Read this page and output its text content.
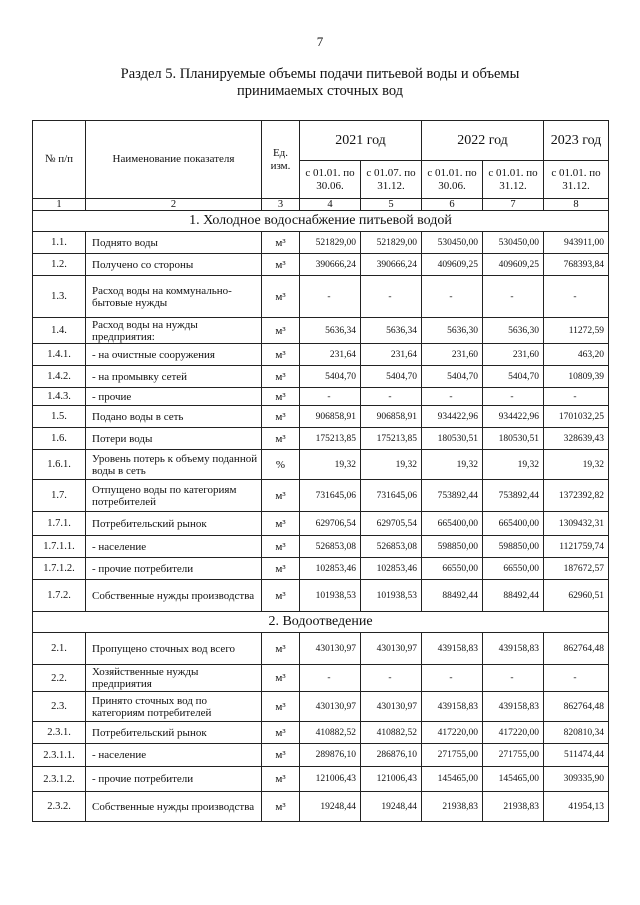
7
Раздел 5. Планируемые объемы подачи питьевой воды и объемы
принимаемых сточных вод
№ п/п	Наименование показателя	Ед. изм.	2021 год		2022 год		2023 год
			с 01.01. по 30.06.	с 01.07. по 31.12.	с 01.01. по 30.06.	с 01.01. по 31.12.	с 01.01. по 31.12.
1	2	3	4	5	6	7	8
1. Холодное водоснабжение питьевой водой							
1.1.	Поднято воды	м³	521829,00	521829,00	530450,00	530450,00	943911,00
1.2.	Получено со стороны	м³	390666,24	390666,24	409609,25	409609,25	768393,84
1.3.	Расход воды на коммунально-бытовые нужды	м³	-	-	-	-	-
1.4.	Расход воды на нужды предприятия:	м³	5636,34	5636,34	5636,30	5636,30	11272,59
1.4.1.	- на очистные сооружения	м³	231,64	231,64	231,60	231,60	463,20
1.4.2.	- на промывку сетей	м³	5404,70	5404,70	5404,70	5404,70	10809,39
1.4.3.	- прочие	м³	-	-	-	-	-
1.5.	Подано воды в сеть	м³	906858,91	906858,91	934422,96	934422,96	1701032,25
1.6.	Потери воды	м³	175213,85	175213,85	180530,51	180530,51	328639,43
1.6.1.	Уровень потерь к объему поданной воды в сеть	%	19,32	19,32	19,32	19,32	19,32
1.7.	Отпущено воды по категориям потребителей	м³	731645,06	731645,06	753892,44	753892,44	1372392,82
1.7.1.	Потребительский рынок	м³	629706,54	629705,54	665400,00	665400,00	1309432,31
1.7.1.1.	- население	м³	526853,08	526853,08	598850,00	598850,00	1121759,74
1.7.1.2.	- прочие потребители	м³	102853,46	102853,46	66550,00	66550,00	187672,57
1.7.2.	Собственные нужды производства	м³	101938,53	101938,53	88492,44	88492,44	62960,51
2. Водоотведение							
2.1.	Пропущено сточных вод всего	м³	430130,97	430130,97	439158,83	439158,83	862764,48
2.2.	Хозяйственные нужды предприятия	м³	-	-	-	-	-
2.3.	Принято сточных вод по категориям потребителей	м³	430130,97	430130,97	439158,83	439158,83	862764,48
2.3.1.	Потребительский рынок	м³	410882,52	410882,52	417220,00	417220,00	820810,34
2.3.1.1.	- население	м³	289876,10	286876,10	271755,00	271755,00	511474,44
2.3.1.2.	- прочие потребители	м³	121006,43	121006,43	145465,00	145465,00	309335,90
2.3.2.	Собственные нужды производства	м³	19248,44	19248,44	21938,83	21938,83	41954,13
